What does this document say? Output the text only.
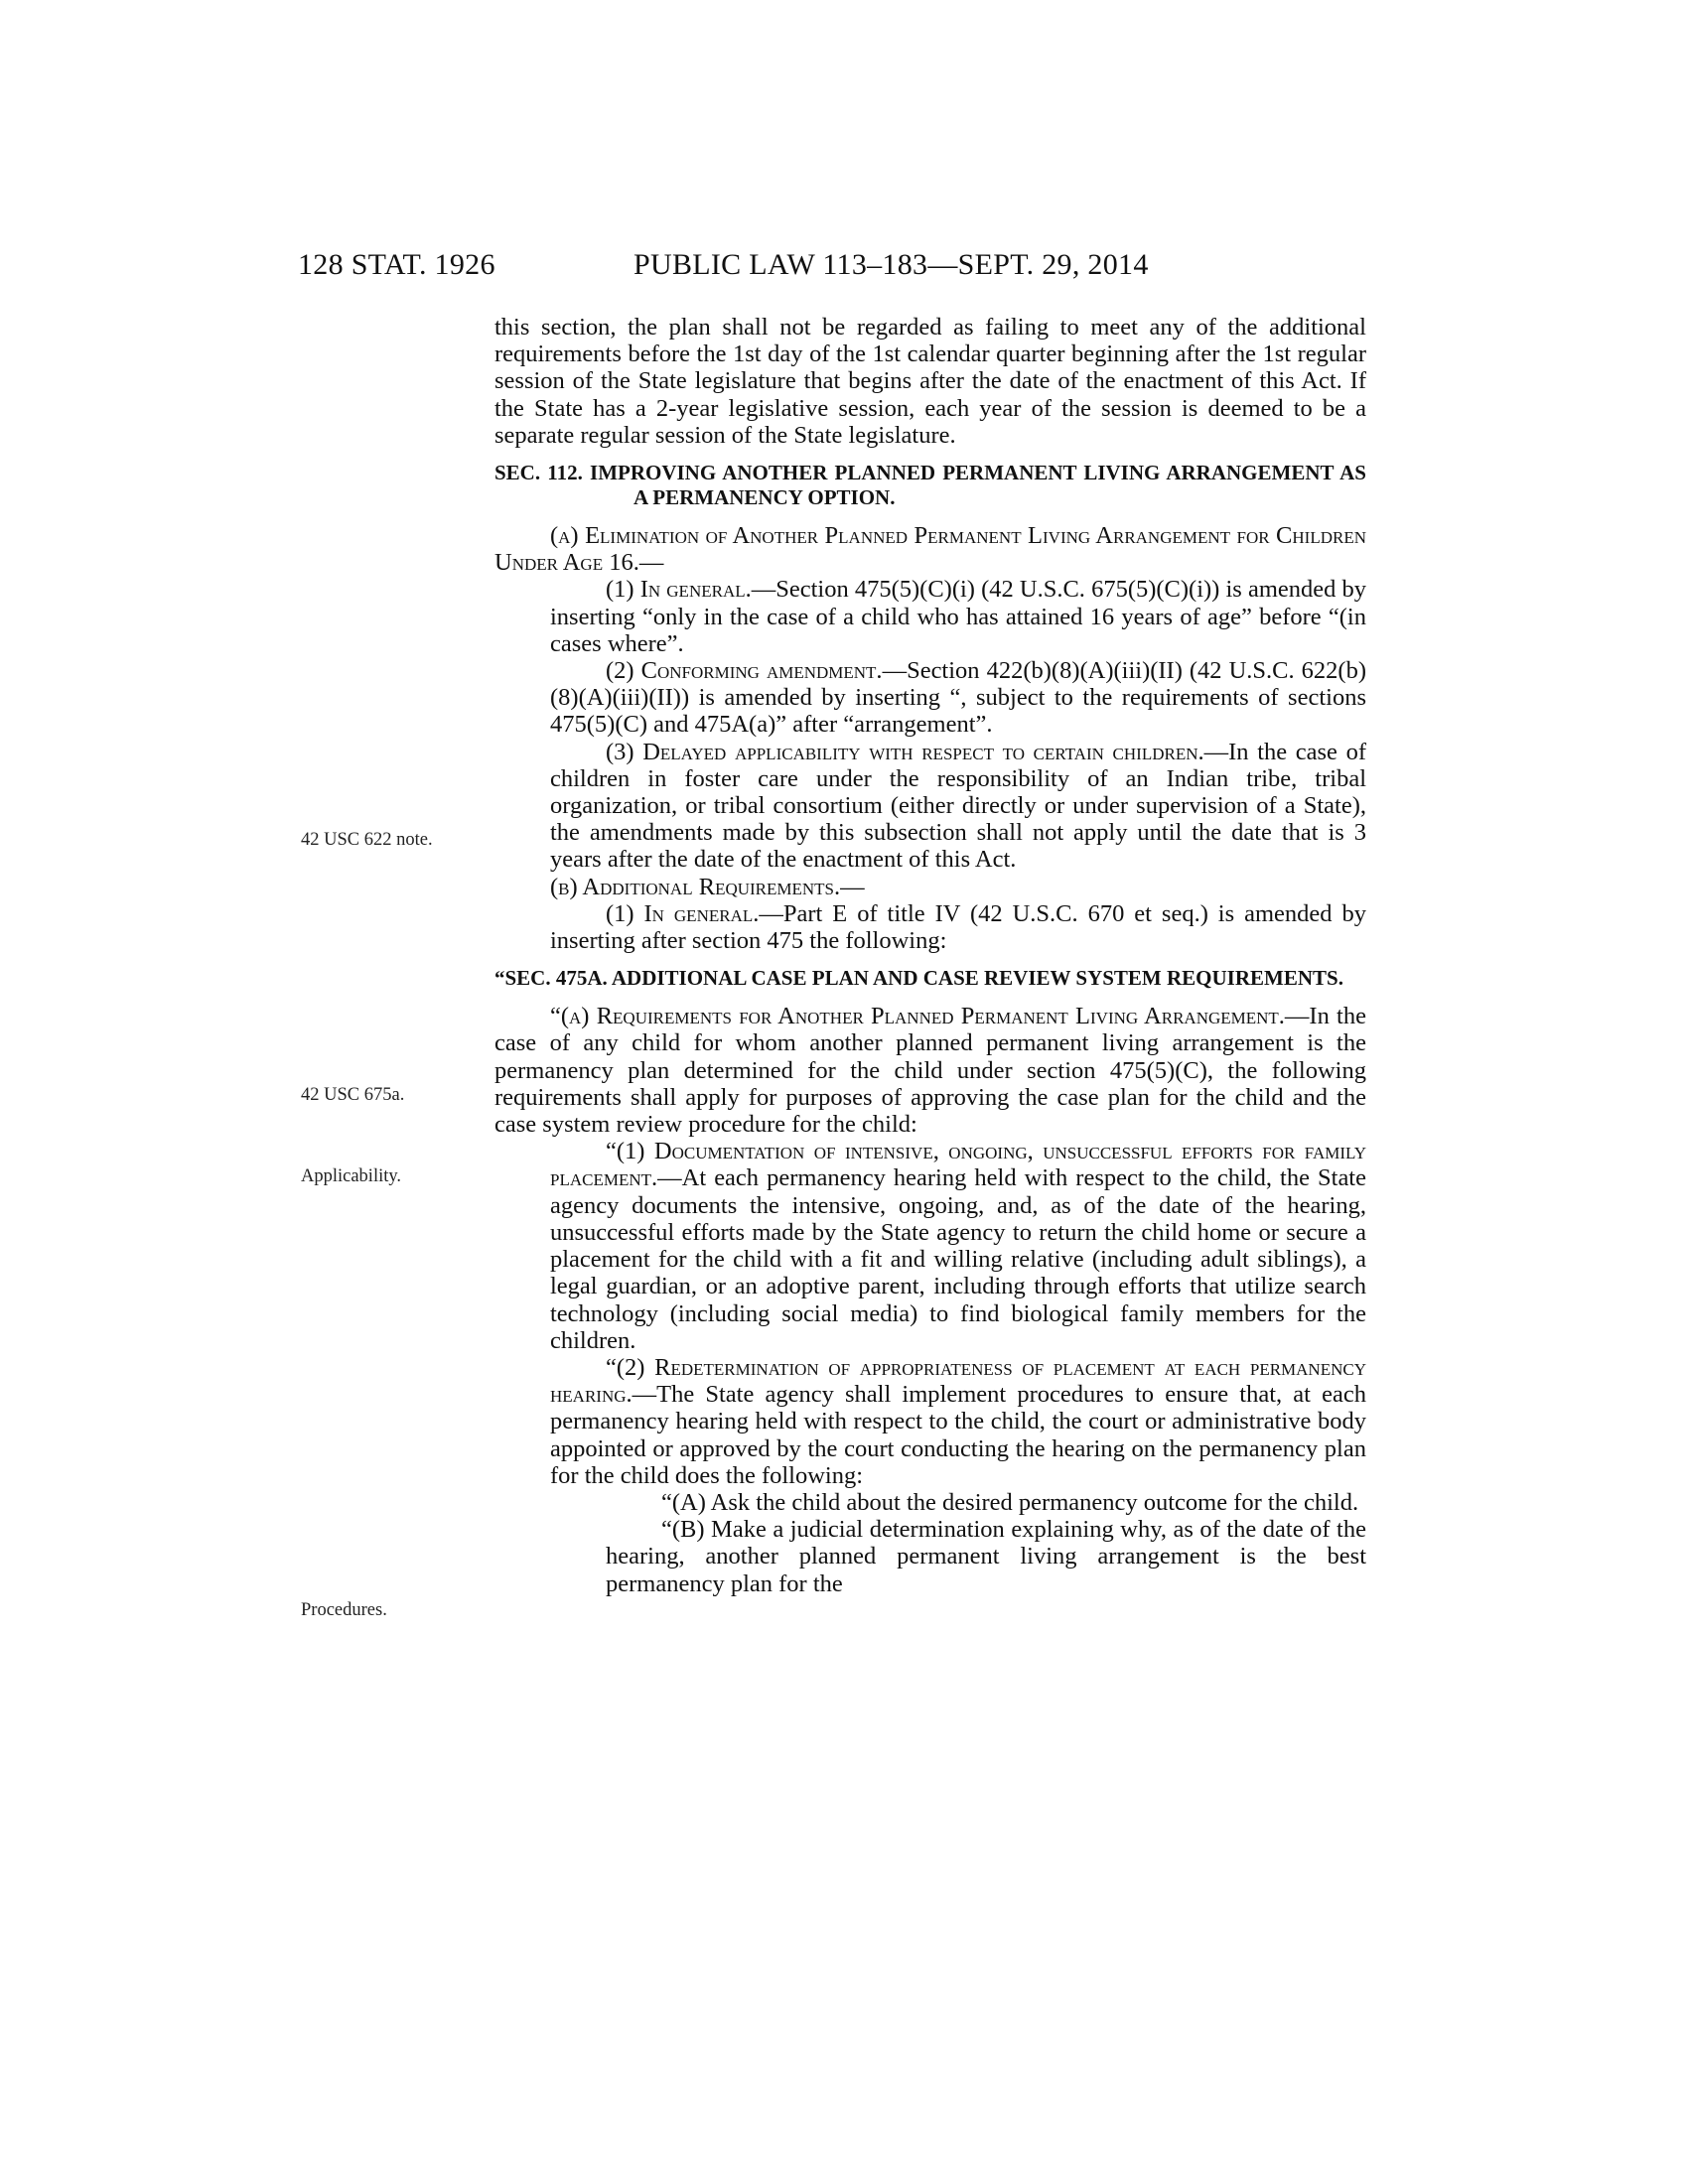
128 STAT. 1926	PUBLIC LAW 113–183—SEPT. 29, 2014
42 USC 622 note.
42 USC 675a.
Applicability.
Procedures.

this section, the plan shall not be regarded as failing to meet any of the additional requirements before the 1st day of the 1st calendar quarter beginning after the 1st regular session of the State legislature that begins after the date of the enactment of this Act. If the State has a 2-year legislative session, each year of the session is deemed to be a separate regular session of the State legislature.

SEC. 112. IMPROVING ANOTHER PLANNED PERMANENT LIVING ARRANGEMENT AS A PERMANENCY OPTION.

(a) Elimination of Another Planned Permanent Living Arrangement for Children Under Age 16.—

(1) In general.—Section 475(5)(C)(i) (42 U.S.C. 675(5)(C)(i)) is amended by inserting “only in the case of a child who has attained 16 years of age” before “(in cases where”.

(2) Conforming amendment.—Section 422(b)(8)(A)(iii)(II) (42 U.S.C. 622(b)(8)(A)(iii)(II)) is amended by inserting “, subject to the requirements of sections 475(5)(C) and 475A(a)” after “arrangement”.

(3) Delayed applicability with respect to certain children.—In the case of children in foster care under the responsibility of an Indian tribe, tribal organization, or tribal consortium (either directly or under supervision of a State), the amendments made by this subsection shall not apply until the date that is 3 years after the date of the enactment of this Act.

(b) Additional Requirements.—

(1) In general.—Part E of title IV (42 U.S.C. 670 et seq.) is amended by inserting after section 475 the following:

“SEC. 475A. ADDITIONAL CASE PLAN AND CASE REVIEW SYSTEM REQUIREMENTS.

“(a) Requirements for Another Planned Permanent Living Arrangement.—In the case of any child for whom another planned permanent living arrangement is the permanency plan determined for the child under section 475(5)(C), the following requirements shall apply for purposes of approving the case plan for the child and the case system review procedure for the child:

“(1) Documentation of intensive, ongoing, unsuccessful efforts for family placement.—At each permanency hearing held with respect to the child, the State agency documents the intensive, ongoing, and, as of the date of the hearing, unsuccessful efforts made by the State agency to return the child home or secure a placement for the child with a fit and willing relative (including adult siblings), a legal guardian, or an adoptive parent, including through efforts that utilize search technology (including social media) to find biological family members for the children.

“(2) Redetermination of appropriateness of placement at each permanency hearing.—The State agency shall implement procedures to ensure that, at each permanency hearing held with respect to the child, the court or administrative body appointed or approved by the court conducting the hearing on the permanency plan for the child does the following:

“(A) Ask the child about the desired permanency outcome for the child.

“(B) Make a judicial determination explaining why, as of the date of the hearing, another planned permanent living arrangement is the best permanency plan for the
